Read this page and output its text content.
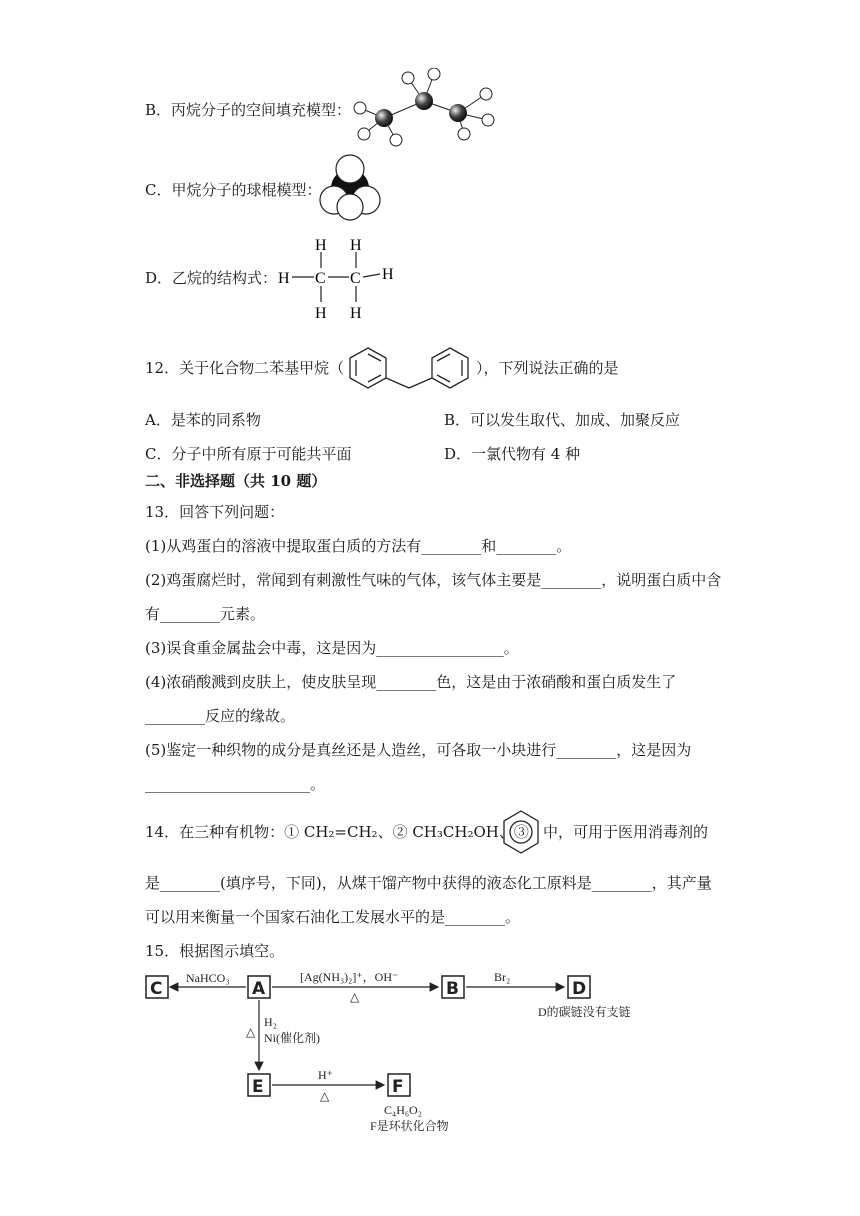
B．丙烷分子的空间填充模型：
C．甲烷分子的球棍模型：
D．乙烷的结构式：
H H
H C C H
H H
12．关于化合物二苯基甲烷（	），下列说法正确的是
A．是苯的同系物	B．可以发生取代、加成、加聚反应
C．分子中所有原于可能共平面	D．一氯代物有 4 种
二、非选择题（共 10 题）
13．回答下列问题：
(1)从鸡蛋白的溶液中提取蛋白质的方法有________和________。
(2)鸡蛋腐烂时，常闻到有刺激性气味的气体，该气体主要是________，说明蛋白质中含
有________元素。
(3)误食重金属盐会中毒，这是因为_________________。
(4)浓硝酸溅到皮肤上，使皮肤呈现________色，这是由于浓硝酸和蛋白质发生了
________反应的缘故。
(5)鉴定一种织物的成分是真丝还是人造丝，可各取一小块进行________，这是因为
______________________。
14．在三种有机物：① CH₂=CH₂、② CH₃CH₂OH、③ 中，可用于医用消毒剂的
是________(填序号，下同)，从煤干馏产物中获得的液态化工原料是________，其产量
可以用来衡量一个国家石油化工发展水平的是________。
15．根据图示填空。
C	A	B	D
E	F
NaHCO₃	[Ag(NH₃)₂]⁺，OH⁻
△
Br₂
D的碳链没有支链
△
H₂
Ni(催化剂)
H⁺
△
C₄H₆O₂
F是环状化合物
